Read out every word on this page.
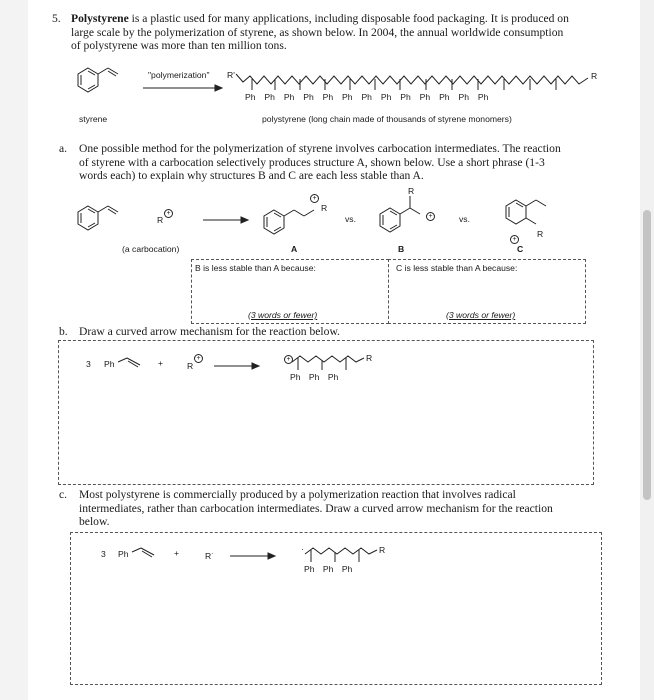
5. Polystyrene is a plastic used for many applications, including disposable food packaging. It is produced on
large scale by the polymerization of styrene, as shown below. In 2004, the annual worldwide consumption
of polystyrene was more than ten million tons.
"polymerization" R'	R
Ph Ph Ph Ph Ph Ph Ph Ph Ph Ph Ph Ph Ph
styrene	polystyrene (long chain made of thousands of styrene monomers)
a. One possible method for the polymerization of styrene involves carbocation intermediates. The reaction
of styrene with a carbocation selectively produces structure A, shown below. Use a short phrase (1-3
words each) to explain why structures B and C are each less stable than A.
+
R
+
R
vs.
R
+	vs.
+
R
(a carbocation)	A	B	C
B is less stable than A because:	C is less stable than A because:
(3 words or fewer)	(3 words or fewer)
b. Draw a curved arrow mechanism for the reaction below.
3 Ph	+	+
R
+	R
Ph Ph Ph
c. Most polystyrene is commercially produced by a polymerization reaction that involves radical
intermediates, rather than carbocation intermediates. Draw a curved arrow mechanism for the reaction
below.
3 Ph	+	R˙
·	R
Ph Ph Ph
